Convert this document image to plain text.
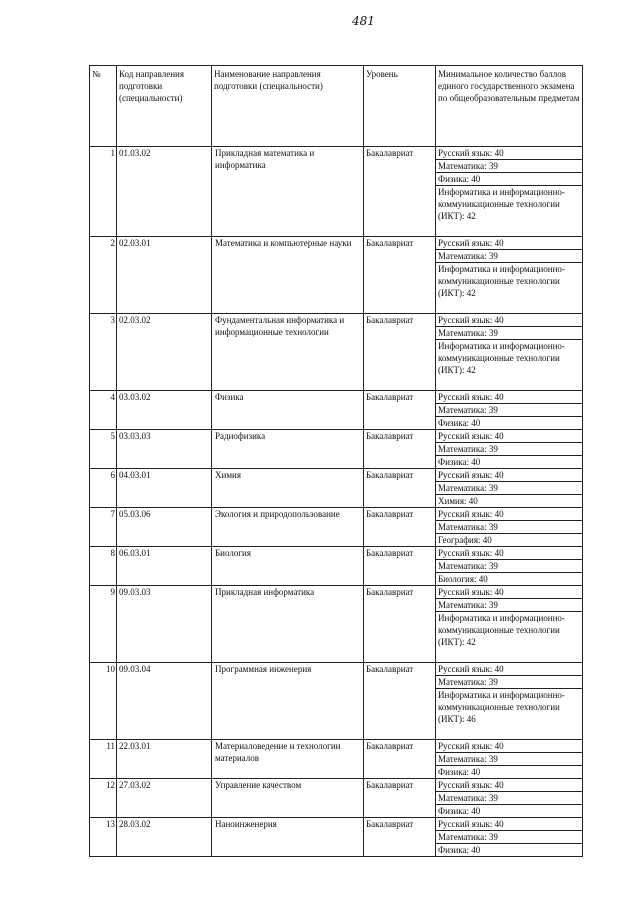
481
№	Код направления подготовки (специальности)	Наименование направления подготовки (специальности)	Уровень	Минимальное количество баллов единого государственного экзамена по общеобразовательным предметам
1	01.03.02	Прикладная математика и информатика	Бакалавриат	Русский язык: 40
Математика: 39
Физика: 40
Информатика и информационно-коммуникационные технологии (ИКТ): 42

2	02.03.01	Математика и компьютерные науки	Бакалавриат	Русский язык: 40
Математика: 39
Информатика и информационно-коммуникационные технологии (ИКТ): 42

3	02.03.02	Фундаментальная информатика и информационные технологии	Бакалавриат	Русский язык: 40
Математика: 39
Информатика и информационно-коммуникационные технологии (ИКТ): 42

4	03.03.02	Физика	Бакалавриат	Русский язык: 40
Математика: 39
Физика: 40

5	03.03.03	Радиофизика	Бакалавриат	Русский язык: 40
Математика: 39
Физика: 40

6	04.03.01	Химия	Бакалавриат	Русский язык: 40
Математика: 39
Химия: 40

7	05.03.06	Экология и природопользование	Бакалавриат	Русский язык: 40
Математика: 39
География: 40

8	06.03.01	Биология	Бакалавриат	Русский язык: 40
Математика: 39
Биология: 40

9	09.03.03	Прикладная информатика	Бакалавриат	Русский язык: 40
Математика: 39
Информатика и информационно-коммуникационные технологии (ИКТ): 42

10	09.03.04	Программная инженерия	Бакалавриат	Русский язык: 40
Математика: 39
Информатика и информационно-коммуникационные технологии (ИКТ): 46

11	22.03.01	Материаловедение и технологии материалов	Бакалавриат	Русский язык: 40
Математика: 39
Физика: 40

12	27.03.02	Управление качеством	Бакалавриат	Русский язык: 40
Математика: 39
Физика: 40

13	28.03.02	Наноинженерия	Бакалавриат	Русский язык: 40
Математика: 39
Физика: 40
